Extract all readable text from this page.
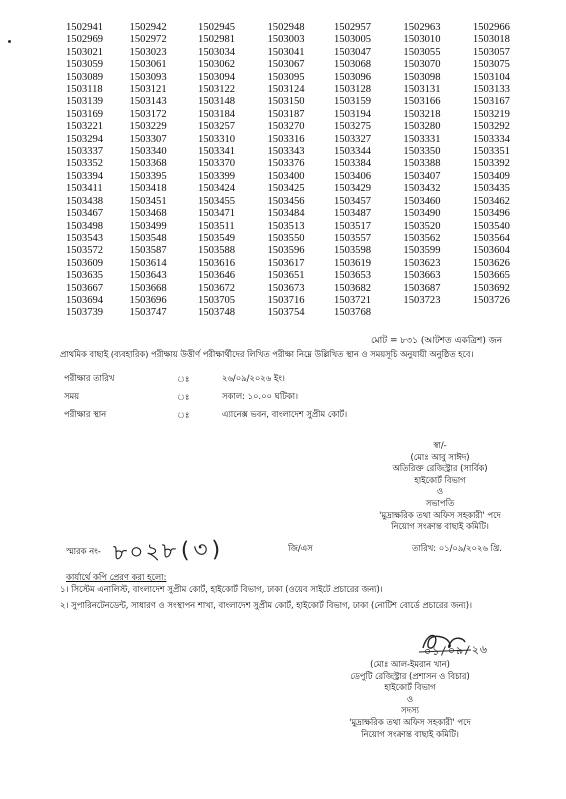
1502941	1502942	1502945	1502948	1502957	1502963	1502966
1502969	1502972	1502981	1503003	1503005	1503010	1503018
1503021	1503023	1503034	1503041	1503047	1503055	1503057
1503059	1503061	1503062	1503067	1503068	1503070	1503075
1503089	1503093	1503094	1503095	1503096	1503098	1503104
1503118	1503121	1503122	1503124	1503128	1503131	1503133
1503139	1503143	1503148	1503150	1503159	1503166	1503167
1503169	1503172	1503184	1503187	1503194	1503218	1503219
1503221	1503229	1503257	1503270	1503275	1503280	1503292
1503294	1503307	1503310	1503316	1503327	1503331	1503334
1503337	1503340	1503341	1503343	1503344	1503350	1503351
1503352	1503368	1503370	1503376	1503384	1503388	1503392
1503394	1503395	1503399	1503400	1503406	1503407	1503409
1503411	1503418	1503424	1503425	1503429	1503432	1503435
1503438	1503451	1503455	1503456	1503457	1503460	1503462
1503467	1503468	1503471	1503484	1503487	1503490	1503496
1503498	1503499	1503511	1503513	1503517	1503520	1503540
1503543	1503548	1503549	1503550	1503557	1503562	1503564
1503572	1503587	1503588	1503596	1503598	1503599	1503604
1503609	1503614	1503616	1503617	1503619	1503623	1503626
1503635	1503643	1503646	1503651	1503653	1503663	1503665
1503667	1503668	1503672	1503673	1503682	1503687	1503692
1503694	1503696	1503705	1503716	1503721	1503723	1503726
1503739	1503747	1503748	1503754	1503768		
মোট = ৮৩১ (আটশত একত্রিশ) জন
প্রাথমিক বাছাই (ব্যবহারিক) পরীক্ষায় উত্তীর্ণ পরীক্ষার্থীদের লিখিত পরীক্ষা নিম্নে উল্লিখিত স্থান ও সময়সূচি অনুযায়ী অনুষ্ঠিত হবে।
পরীক্ষার তারিখ	ঃ	২৬/০৯/২০২৬ ইং।
সময়	ঃ	সকাল: ১০.০০ ঘটিকা।
পরীক্ষার স্থান	ঃ	এ্যানেক্স ভবন, বাংলাদেশ সুপ্রীম কোর্ট।
স্বা/-
(মোঃ আবু সাঈদ)
অতিরিক্ত রেজিস্ট্রার (সার্বিক)
হাইকোর্ট বিভাগ
ও
সভাপতি
'মুদ্রাক্ষরিক তথা অফিস সহকারী' পদে
নিয়োগ সংক্রান্ত বাছাই কমিটি।
স্মারক নং- ৮০২৮(৩)	জি/এস	তারিখ: ০১/০৯/২০২৬ খ্রি.
কার্যার্থে কপি প্রেরণ করা হলো:
১। সিস্টেম এনালিস্ট, বাংলাদেশ সুপ্রীম কোর্ট, হাইকোর্ট বিভাগ, ঢাকা (ওয়েব সাইটে প্রচারের জন্য)।
২। সুপারিনটেনডেন্ট, সাধারণ ও সংস্থাপন শাখা, বাংলাদেশ সুপ্রীম কোর্ট, হাইকোর্ট বিভাগ, ঢাকা (নোটিশ বোর্ডে প্রচারের জন্য)।
০১/০৯/২৬
(মোঃ আল-ইমরান খান)
ডেপুটি রেজিস্ট্রার (প্রশাসন ও বিচার)
হাইকোর্ট বিভাগ
ও
সদস্য
'মুদ্রাক্ষরিক তথা অফিস সহকারী' পদে
নিয়োগ সংক্রান্ত বাছাই কমিটি।
